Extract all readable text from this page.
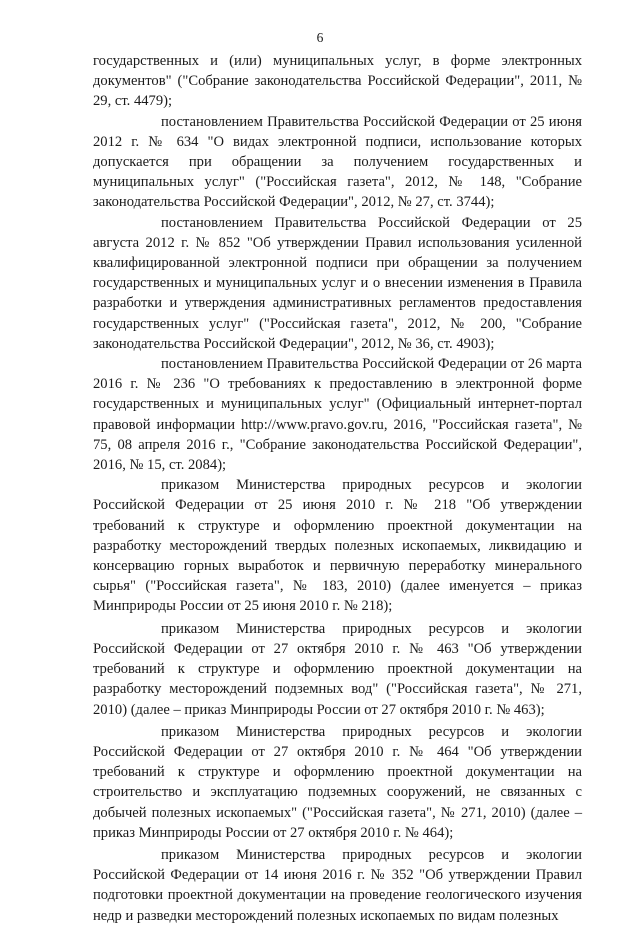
6

государственных и (или) муниципальных услуг, в форме электронных документов" ("Собрание законодательства Российской Федерации", 2011, № 29, ст. 4479);

постановлением Правительства Российской Федерации от 25 июня 2012 г. № 634 "О видах электронной подписи, использование которых допускается при обращении за получением государственных и муниципальных услуг" ("Российская газета", 2012, № 148, "Собрание законодательства Российской Федерации", 2012, № 27, ст. 3744);

постановлением Правительства Российской Федерации от 25 августа 2012 г. № 852 "Об утверждении Правил использования усиленной квалифицированной электронной подписи при обращении за получением государственных и муниципальных услуг и о внесении изменения в Правила разработки и утверждения административных регламентов предоставления государственных услуг" ("Российская газета", 2012, № 200, "Собрание законодательства Российской Федерации", 2012, № 36, ст. 4903);

постановлением Правительства Российской Федерации от 26 марта 2016 г. № 236 "О требованиях к предоставлению в электронной форме государственных и муниципальных услуг" (Официальный интернет-портал правовой информации http://www.pravo.gov.ru, 2016, "Российская газета", № 75, 08 апреля 2016 г., "Собрание законодательства Российской Федерации", 2016, № 15, ст. 2084);

приказом Министерства природных ресурсов и экологии Российской Федерации от 25 июня 2010 г. № 218 "Об утверждении требований к структуре и оформлению проектной документации на разработку месторождений твердых полезных ископаемых, ликвидацию и консервацию горных выработок и первичную переработку минерального сырья" ("Российская газета", № 183, 2010) (далее именуется – приказ Минприроды России от 25 июня 2010 г. № 218);

приказом Министерства природных ресурсов и экологии Российской Федерации от 27 октября 2010 г. № 463 "Об утверждении требований к структуре и оформлению проектной документации на разработку месторождений подземных вод" ("Российская газета", № 271, 2010) (далее – приказ Минприроды России от 27 октября 2010 г. № 463);

приказом Министерства природных ресурсов и экологии Российской Федерации от 27 октября 2010 г. № 464 "Об утверждении требований к структуре и оформлению проектной документации на строительство и эксплуатацию подземных сооружений, не связанных с добычей полезных ископаемых" ("Российская газета", № 271, 2010) (далее – приказ Минприроды России от 27 октября 2010 г. № 464);

приказом Министерства природных ресурсов и экологии Российской Федерации от 14 июня 2016 г. № 352 "Об утверждении Правил подготовки проектной документации на проведение геологического изучения недр и разведки месторождений полезных ископаемых по видам полезных
